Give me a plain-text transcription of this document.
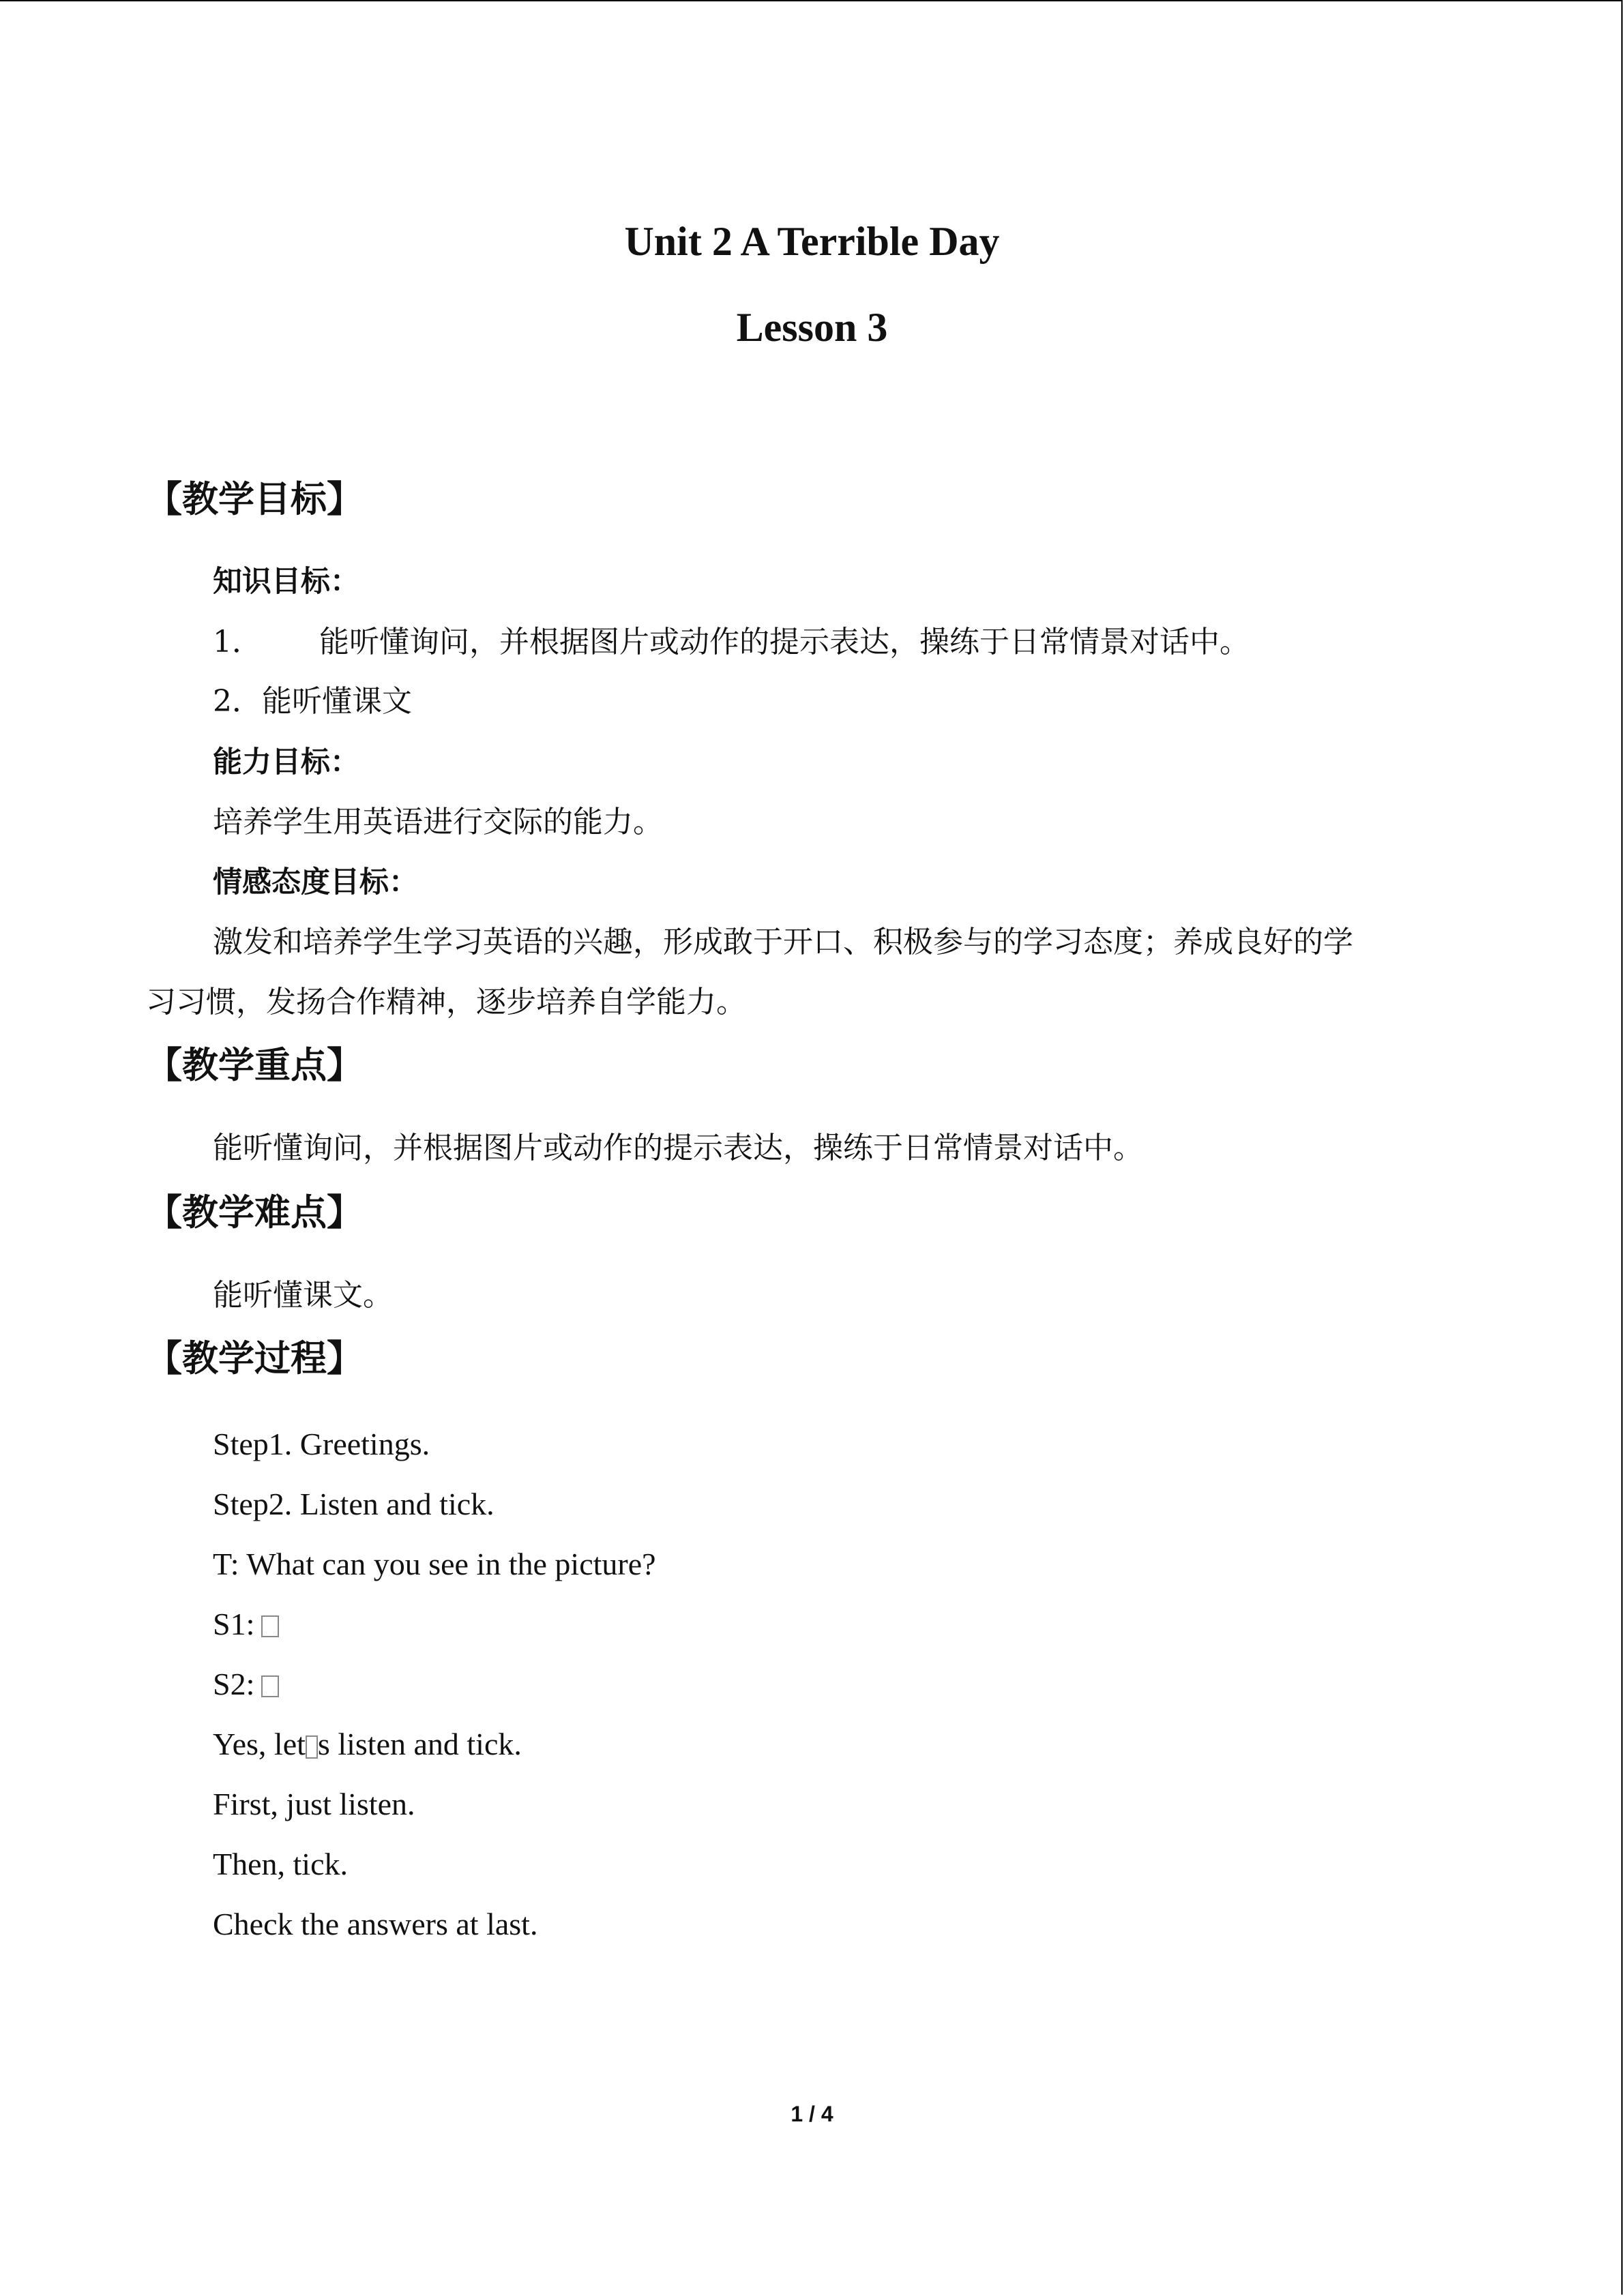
Unit 2 A Terrible Day
Lesson 3
【教学目标】
知识目标：
1． 能听懂询问，并根据图片或动作的提示表达，操练于日常情景对话中。
2．能听懂课文
能力目标：
培养学生用英语进行交际的能力。
情感态度目标：
激发和培养学生学习英语的兴趣，形成敢于开口、积极参与的学习态度；养成良好的学
习习惯，发扬合作精神，逐步培养自学能力。
【教学重点】
能听懂询问，并根据图片或动作的提示表达，操练于日常情景对话中。
【教学难点】
能听懂课文。
【教学过程】
Step1. Greetings.
Step2. Listen and tick.
T: What can you see in the picture?
S1:
S2:
Yes, let s listen and tick.
First, just listen.
Then, tick.
Check the answers at last.
1 / 4
